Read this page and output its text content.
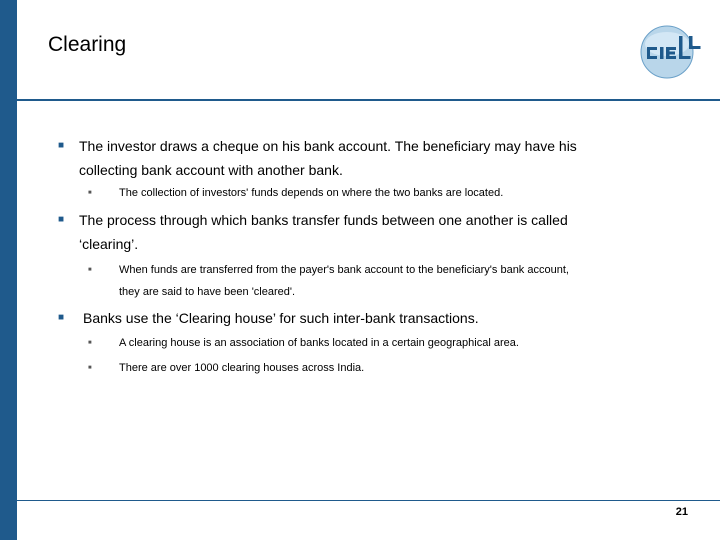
Clearing
■ The investor draws a cheque on his bank account. The beneficiary may have his
collecting bank account with another bank.
■	The collection of investors' funds depends on where the two banks are located.
■ The process through which banks transfer funds between one another is called
‘clearing’.
■ When funds are transferred from the payer's bank account to the beneficiary's bank account,
they are said to have been 'cleared'.
■	Banks use the ‘Clearing house’ for such inter-bank transactions.
■	A clearing house is an association of banks located in a certain geographical area.
■	There are over 1000 clearing houses across India.
21
